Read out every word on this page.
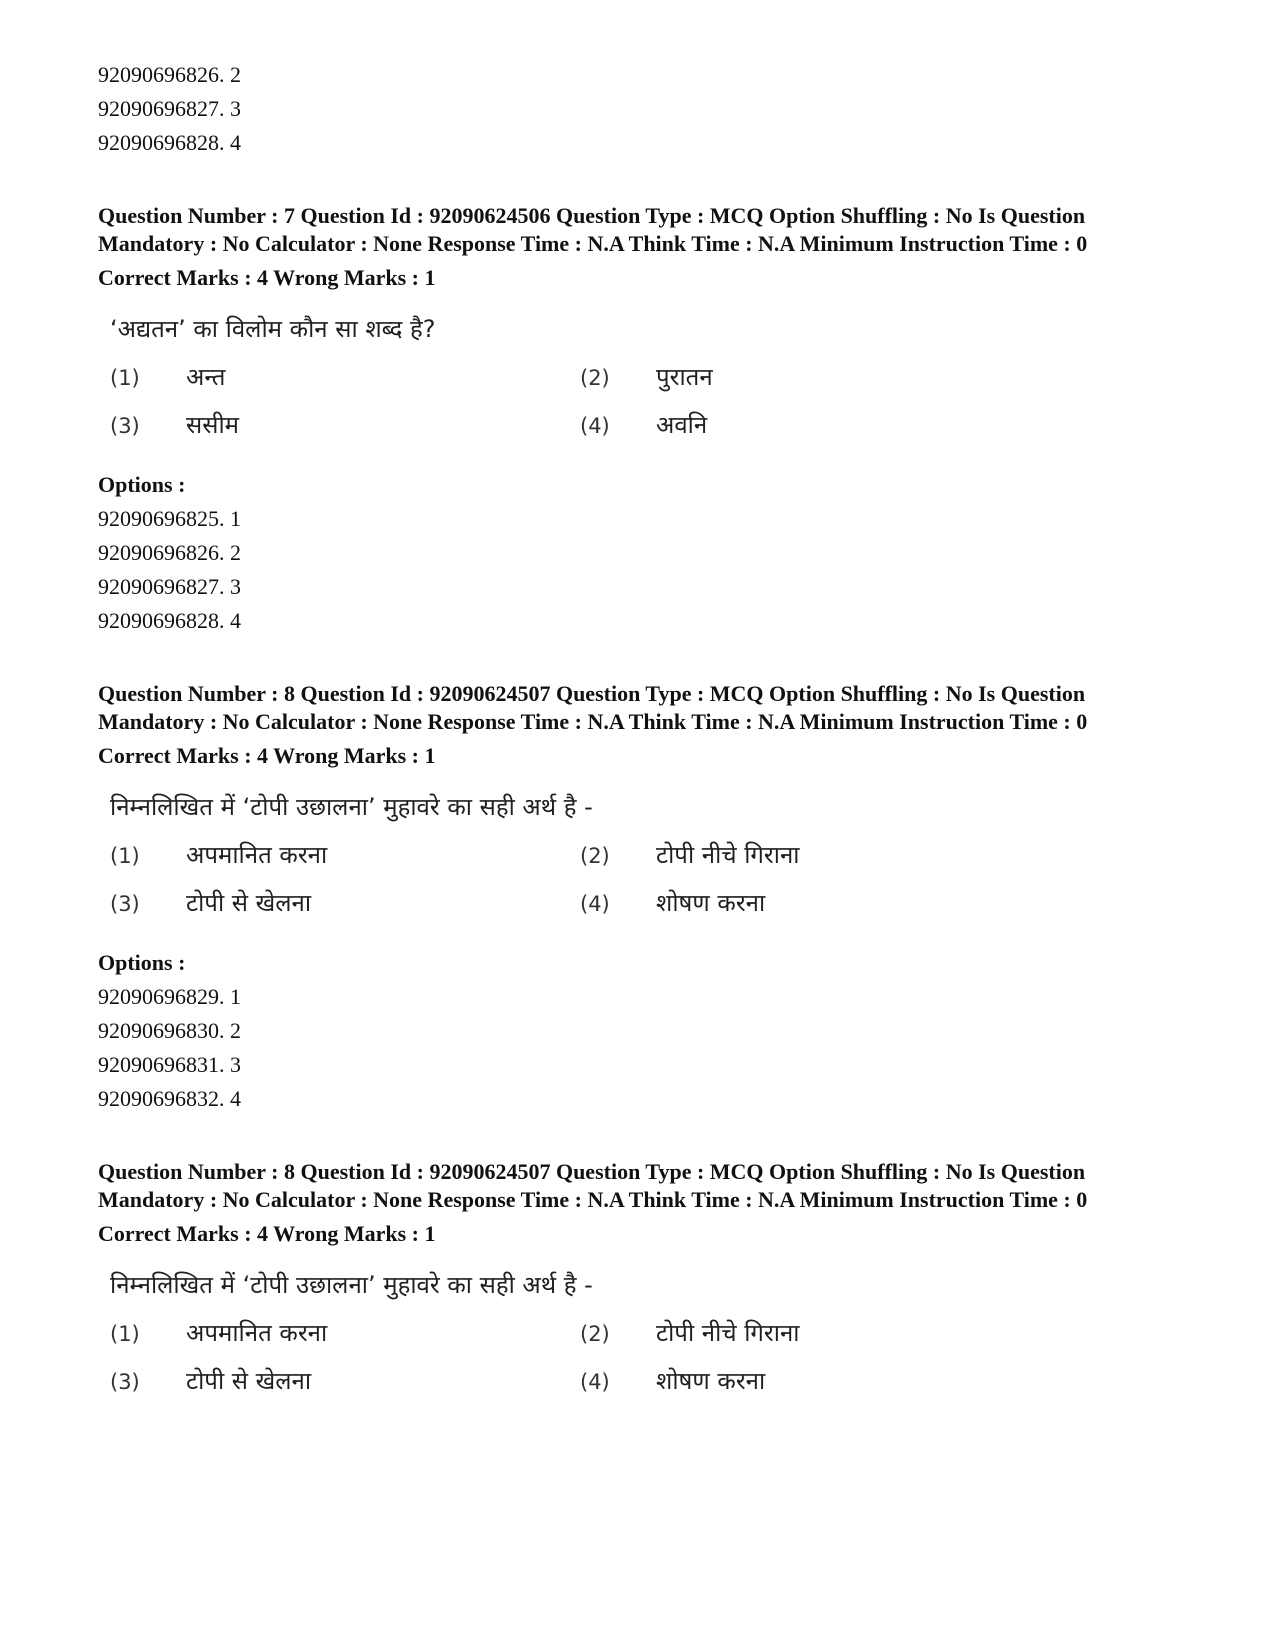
92090696826. 2
92090696827. 3
92090696828. 4
Question Number : 7 Question Id : 92090624506 Question Type : MCQ Option Shuffling : No Is Question Mandatory : No Calculator : None Response Time : N.A Think Time : N.A Minimum Instruction Time : 0
Correct Marks : 4 Wrong Marks : 1
‘अद्यतन’ का विलोम कौन सा शब्द है?
(1) अन्त	(2) पुरातन
(3) ससीम	(4) अवनि
Options :
92090696825. 1
92090696826. 2
92090696827. 3
92090696828. 4
Question Number : 8 Question Id : 92090624507 Question Type : MCQ Option Shuffling : No Is Question Mandatory : No Calculator : None Response Time : N.A Think Time : N.A Minimum Instruction Time : 0
Correct Marks : 4 Wrong Marks : 1
निम्नलिखित में ‘टोपी उछालना’ मुहावरे का सही अर्थ है -
(1) अपमानित करना	(2) टोपी नीचे गिराना
(3) टोपी से खेलना	(4) शोषण करना
Options :
92090696829. 1
92090696830. 2
92090696831. 3
92090696832. 4
Question Number : 8 Question Id : 92090624507 Question Type : MCQ Option Shuffling : No Is Question Mandatory : No Calculator : None Response Time : N.A Think Time : N.A Minimum Instruction Time : 0
Correct Marks : 4 Wrong Marks : 1
निम्नलिखित में ‘टोपी उछालना’ मुहावरे का सही अर्थ है -
(1) अपमानित करना	(2) टोपी नीचे गिराना
(3) टोपी से खेलना	(4) शोषण करना
